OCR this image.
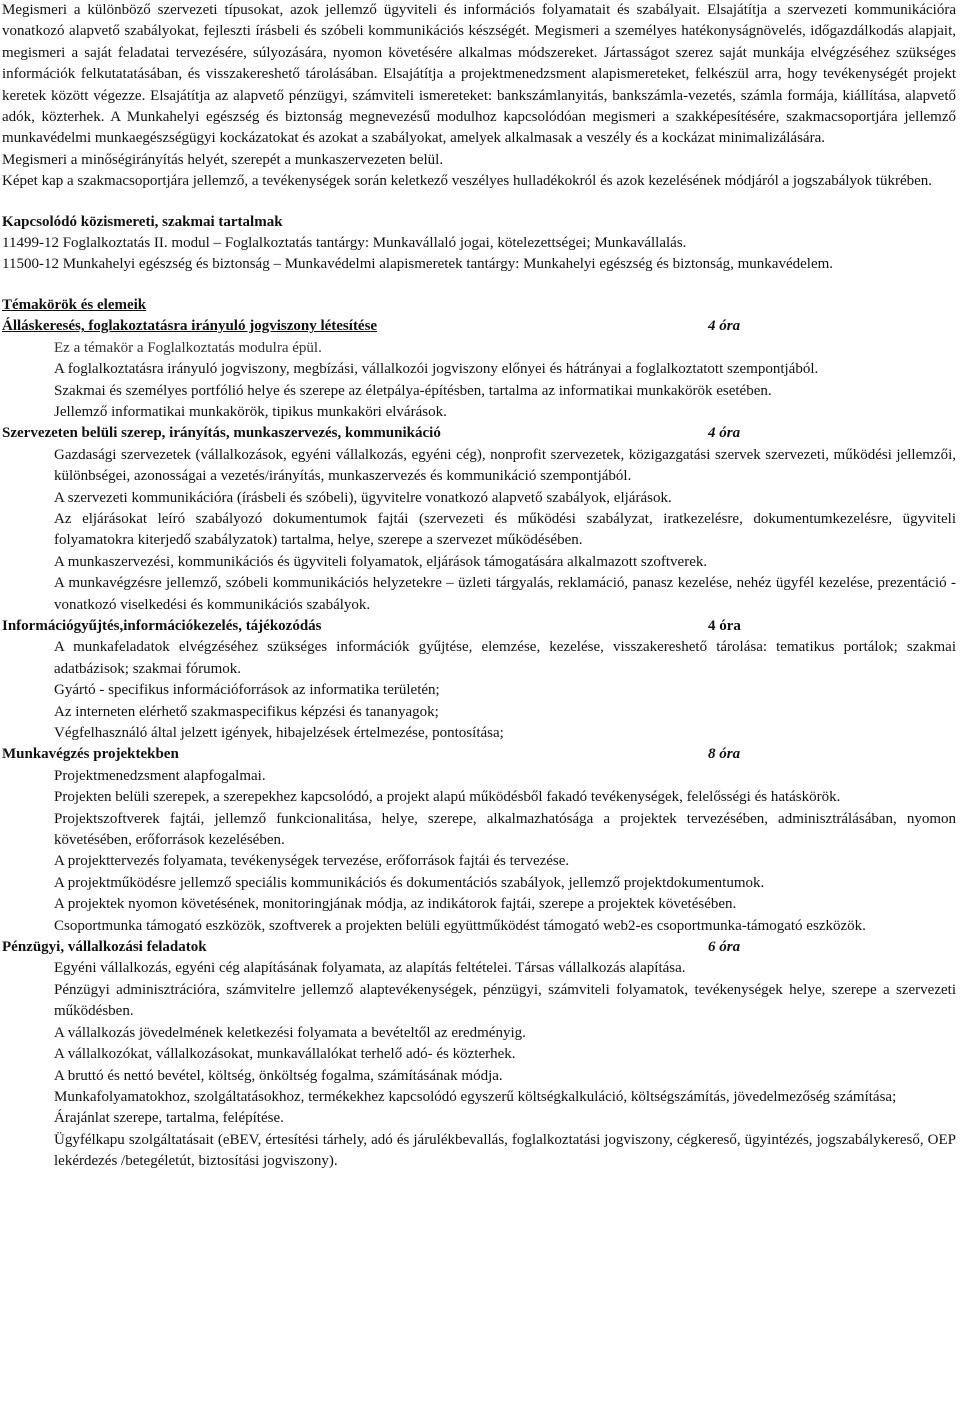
Megismeri a különböző szervezeti típusokat, azok jellemző ügyviteli és információs folyamatait és szabályait. Elsajátítja a szervezeti kommunikációra vonatkozó alapvető szabályokat, fejleszti írásbeli és szóbeli kommunikációs készségét. Megismeri a személyes hatékonyságnövelés, időgazdálkodás alapjait, megismeri a saját feladatai tervezésére, súlyozására, nyomon követésére alkalmas módszereket. Jártasságot szerez saját munkája elvégzéséhez szükséges információk felkutatatásában, és visszakereshető tárolásában. Elsajátítja a projektmenedzsment alapismereteket, felkészül arra, hogy tevékenységét projekt keretek között végezze. Elsajátítja az alapvető pénzügyi, számviteli ismereteket: bankszámlanyitás, bankszámla-vezetés, számla formája, kiállítása, alapvető adók, közterhek. A Munkahelyi egészség és biztonság megnevezésű modulhoz kapcsolódóan megismeri a szakképesítésére, szakmacsoportjára jellemző munkavédelmi munkaegészségügyi kockázatokat és azokat a szabályokat, amelyek alkalmasak a veszély és a kockázat minimalizálására.

Megismeri a minőségirányítás helyét, szerepét a munkaszervezeten belül.

Képet kap a szakmacsoportjára jellemző, a tevékenységek során keletkező veszélyes hulladékokról és azok kezelésének módjáról a jogszabályok tükrében.

Kapcsolódó közismereti, szakmai tartalmak

11499-12 Foglalkoztatás II. modul – Foglalkoztatás tantárgy: Munkavállaló jogai, kötelezettségei; Munkavállalás.

11500-12 Munkahelyi egészség és biztonság – Munkavédelmi alapismeretek tantárgy: Munkahelyi egészség és biztonság, munkavédelem.

Témakörök és elemeik

Álláskeresés, foglakoztatásra irányuló jogviszony létesítése	4 óra

Ez a témakör a Foglalkoztatás modulra épül.

A foglalkoztatásra irányuló jogviszony, megbízási, vállalkozói jogviszony előnyei és hátrányai a foglalkoztatott szempontjából.

Szakmai és személyes portfólió helye és szerepe az életpálya-építésben, tartalma az informatikai munkakörök esetében.

Jellemző informatikai munkakörök, tipikus munkaköri elvárások.

Szervezeten belüli szerep, irányítás, munkaszervezés, kommunikáció	4 óra

Gazdasági szervezetek (vállalkozások, egyéni vállalkozás, egyéni cég), nonprofit szervezetek, közigazgatási szervek szervezeti, működési jellemzői, különbségei, azonosságai a vezetés/irányítás, munkaszervezés és kommunikáció szempontjából.

A szervezeti kommunikációra (írásbeli és szóbeli), ügyvitelre vonatkozó alapvető szabályok, eljárások.

Az eljárásokat leíró szabályozó dokumentumok fajtái (szervezeti és működési szabályzat, iratkezelésre, dokumentumkezelésre, ügyviteli folyamatokra kiterjedő szabályzatok) tartalma, helye, szerepe a szervezet működésében.

A munkaszervezési, kommunikációs és ügyviteli folyamatok, eljárások támogatására alkalmazott szoftverek.

A munkavégzésre jellemző, szóbeli kommunikációs helyzetekre – üzleti tárgyalás, reklamáció, panasz kezelése, nehéz ügyfél kezelése, prezentáció - vonatkozó viselkedési és kommunikációs szabályok.

Információgyűjtés,információkezelés, tájékozódás	4 óra

A munkafeladatok elvégzéséhez szükséges információk gyűjtése, elemzése, kezelése, visszakereshető tárolása: tematikus portálok; szakmai adatbázisok; szakmai fórumok.

Gyártó - specifikus információforrások az informatika területén;

Az interneten elérhető szakmaspecifikus képzési és tananyagok;

Végfelhasználó által jelzett igények, hibajelzések értelmezése, pontosítása;

Munkavégzés projektekben	8 óra

Projektmenedzsment alapfogalmai.

Projekten belüli szerepek, a szerepekhez kapcsolódó, a projekt alapú működésből fakadó tevékenységek, felelősségi és hatáskörök.

Projektszoftverek fajtái, jellemző funkcionalitása, helye, szerepe, alkalmazhatósága a projektek tervezésében, adminisztrálásában, nyomon követésében, erőforrások kezelésében.

A projekttervezés folyamata, tevékenységek tervezése, erőforrások fajtái és tervezése.

A projektműködésre jellemző speciális kommunikációs és dokumentációs szabályok, jellemző projektdokumentumok.

A projektek nyomon követésének, monitoringjának módja, az indikátorok fajtái, szerepe a projektek követésében.

Csoportmunka támogató eszközök, szoftverek a projekten belüli együttműködést támogató web2-es csoportmunka-támogató eszközök.

Pénzügyi, vállalkozási feladatok	6 óra

Egyéni vállalkozás, egyéni cég alapításának folyamata, az alapítás feltételei. Társas vállalkozás alapítása.

Pénzügyi adminisztrációra, számvitelre jellemző alaptevékenységek, pénzügyi, számviteli folyamatok, tevékenységek helye, szerepe a szervezeti működésben.

A vállalkozás jövedelmének keletkezési folyamata a bevételtől az eredményig.

A vállalkozókat, vállalkozásokat, munkavállalókat terhelő adó- és közterhek.

A bruttó és nettó bevétel, költség, önköltség fogalma, számításának módja.

Munkafolyamatokhoz, szolgáltatásokhoz, termékekhez kapcsolódó egyszerű költségkalkuláció, költségszámítás, jövedelmezőség számítása;

Árajánlat szerepe, tartalma, felépítése.

Ügyfélkapu szolgáltatásait (eBEV, értesítési tárhely, adó és járulékbevallás, foglalkoztatási jogviszony, cégkereső, ügyintézés, jogszabálykereső, OEP lekérdezés /betegéletút, biztosítási jogviszony).
